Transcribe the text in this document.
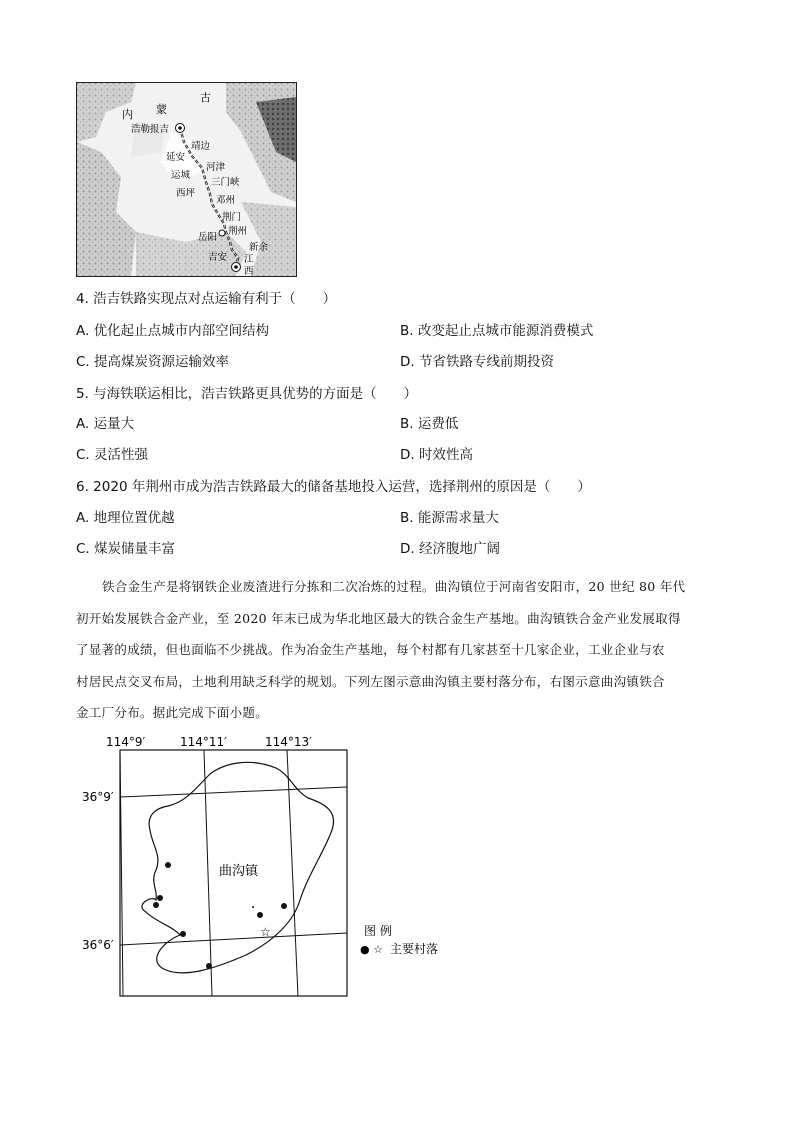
古
蒙
内
浩勒报吉
靖边
延安
河津
运城
三门峡
西坪
邓州
荆门
岳阳
荆州
新余
吉安 江
西
4. 浩吉铁路实现点对点运输有利于（　　）
A. 优化起止点城市内部空间结构	B. 改变起止点城市能源消费模式
C. 提高煤炭资源运输效率	D. 节省铁路专线前期投资
5. 与海铁联运相比，浩吉铁路更具优势的方面是（　　）
A. 运量大	B. 运费低
C. 灵活性强	D. 时效性高
6. 2020 年荆州市成为浩吉铁路最大的储备基地投入运营，选择荆州的原因是（　　）
A. 地理位置优越	B. 能源需求量大
C. 煤炭储量丰富	D. 经济腹地广阔
铁合金生产是将钢铁企业废渣进行分拣和二次冶炼的过程。曲沟镇位于河南省安阳市，20 世纪 80 年代
初开始发展铁合金产业，至 2020 年末已成为华北地区最大的铁合金生产基地。曲沟镇铁合金产业发展取得
了显著的成绩，但也面临不少挑战。作为冶金生产基地，每个村都有几家甚至十几家企业，工业企业与农
村居民点交叉布局，土地利用缺乏科学的规划。下列左图示意曲沟镇主要村落分布，右图示意曲沟镇铁合
金工厂分布。据此完成下面小题。
114°9′	114°11′	114°13′
36°9′
36°6′
曲沟镇
☆	图 例
● ☆ 主要村落
